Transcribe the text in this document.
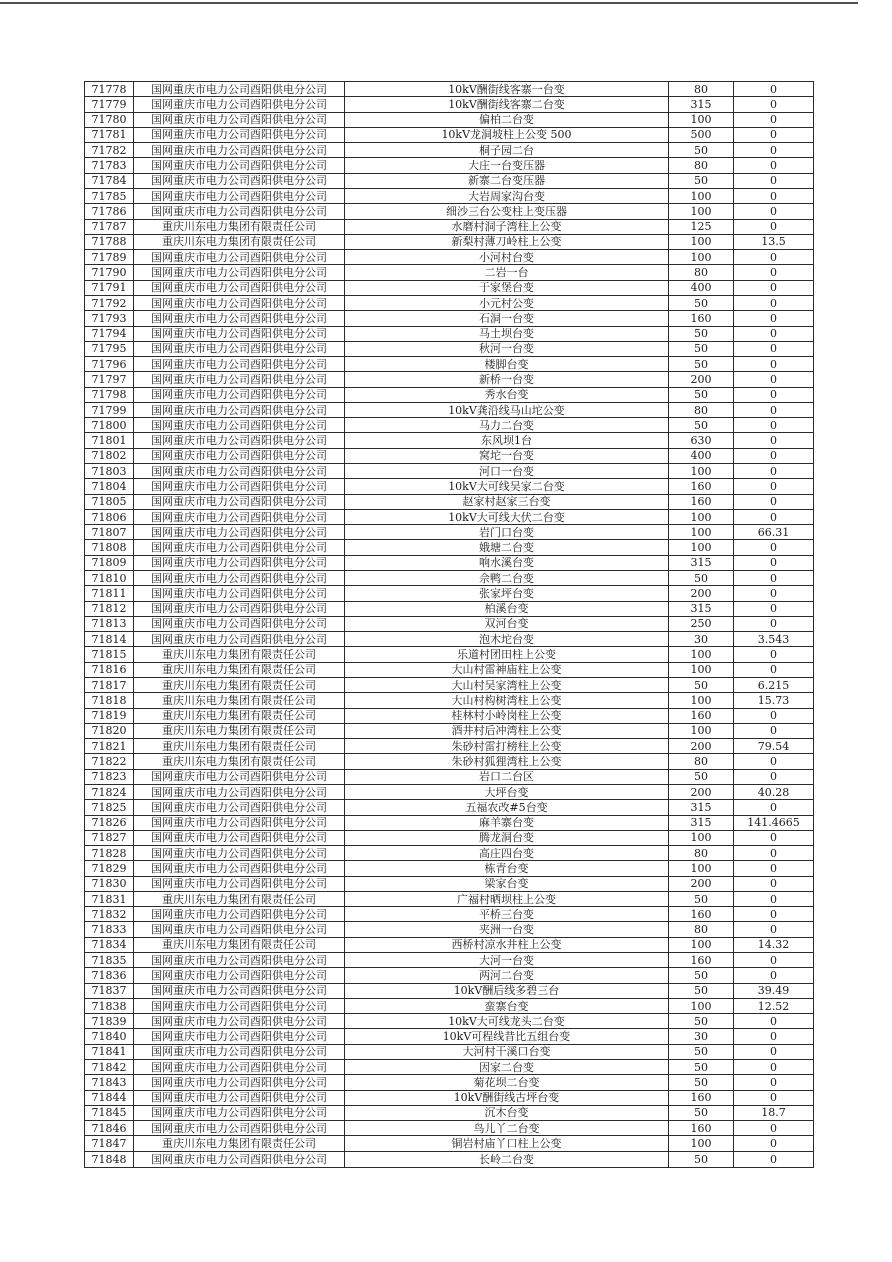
71778	国网重庆市电力公司酉阳供电分公司	10kV酬街线客寨一台变	80	0
71779	国网重庆市电力公司酉阳供电分公司	10kV酬街线客寨二台变	315	0
71780	国网重庆市电力公司酉阳供电分公司	偏柏二台变	100	0
71781	国网重庆市电力公司酉阳供电分公司	10kV龙洞坡柱上公变 500	500	0
71782	国网重庆市电力公司酉阳供电分公司	桐子园二台	50	0
71783	国网重庆市电力公司酉阳供电分公司	大庄一台变压器	80	0
71784	国网重庆市电力公司酉阳供电分公司	新寨二台变压器	50	0
71785	国网重庆市电力公司酉阳供电分公司	大岩周家沟台变	100	0
71786	国网重庆市电力公司酉阳供电分公司	细沙三台公变柱上变压器	100	0
71787	重庆川东电力集团有限责任公司	水磨村洞子湾柱上公变	125	0
71788	重庆川东电力集团有限责任公司	新梨村薄刀岭柱上公变	100	13.5
71789	国网重庆市电力公司酉阳供电分公司	小河村台变	100	0
71790	国网重庆市电力公司酉阳供电分公司	二岩一台	80	0
71791	国网重庆市电力公司酉阳供电分公司	于家堡台变	400	0
71792	国网重庆市电力公司酉阳供电分公司	小元村公变	50	0
71793	国网重庆市电力公司酉阳供电分公司	石洞一台变	160	0
71794	国网重庆市电力公司酉阳供电分公司	马土坝台变	50	0
71795	国网重庆市电力公司酉阳供电分公司	秋河一台变	50	0
71796	国网重庆市电力公司酉阳供电分公司	楼脚台变	50	0
71797	国网重庆市电力公司酉阳供电分公司	新桥一台变	200	0
71798	国网重庆市电力公司酉阳供电分公司	秀水台变	50	0
71799	国网重庆市电力公司酉阳供电分公司	10kV龚沿线马山坨公变	80	0
71800	国网重庆市电力公司酉阳供电分公司	马力二台变	50	0
71801	国网重庆市电力公司酉阳供电分公司	东风坝1台	630	0
71802	国网重庆市电力公司酉阳供电分公司	窝坨一台变	400	0
71803	国网重庆市电力公司酉阳供电分公司	河口一台变	100	0
71804	国网重庆市电力公司酉阳供电分公司	10kV大可线吴家二台变	160	0
71805	国网重庆市电力公司酉阳供电分公司	赵家村赵家三台变	160	0
71806	国网重庆市电力公司酉阳供电分公司	10kV大可线大伏二台变	100	0
71807	国网重庆市电力公司酉阳供电分公司	岩门口台变	100	66.31
71808	国网重庆市电力公司酉阳供电分公司	娥塘二台变	100	0
71809	国网重庆市电力公司酉阳供电分公司	响水溪台变	315	0
71810	国网重庆市电力公司酉阳供电分公司	佘鸭二台变	50	0
71811	国网重庆市电力公司酉阳供电分公司	张家坪台变	200	0
71812	国网重庆市电力公司酉阳供电分公司	柏溪台变	315	0
71813	国网重庆市电力公司酉阳供电分公司	双河台变	250	0
71814	国网重庆市电力公司酉阳供电分公司	泡木坨台变	30	3.543
71815	重庆川东电力集团有限责任公司	乐道村团田柱上公变	100	0
71816	重庆川东电力集团有限责任公司	大山村雷神庙柱上公变	100	0
71817	重庆川东电力集团有限责任公司	大山村吴家湾柱上公变	50	6.215
71818	重庆川东电力集团有限责任公司	大山村构树湾柱上公变	100	15.73
71819	重庆川东电力集团有限责任公司	桂林村小岭岗柱上公变	160	0
71820	重庆川东电力集团有限责任公司	酒井村后冲湾柱上公变	100	0
71821	重庆川东电力集团有限责任公司	朱砂村雷打榜柱上公变	200	79.54
71822	重庆川东电力集团有限责任公司	朱砂村狐狸湾柱上公变	80	0
71823	国网重庆市电力公司酉阳供电分公司	岩口二台区	50	0
71824	国网重庆市电力公司酉阳供电分公司	大坪台变	200	40.28
71825	国网重庆市电力公司酉阳供电分公司	五福农改#5台变	315	0
71826	国网重庆市电力公司酉阳供电分公司	麻羊寨台变	315	141.4665
71827	国网重庆市电力公司酉阳供电分公司	腾龙洞台变	100	0
71828	国网重庆市电力公司酉阳供电分公司	高庄四台变	80	0
71829	国网重庆市电力公司酉阳供电分公司	栋青台变	100	0
71830	国网重庆市电力公司酉阳供电分公司	梁家台变	200	0
71831	重庆川东电力集团有限责任公司	广福村晒坝柱上公变	50	0
71832	国网重庆市电力公司酉阳供电分公司	平桥三台变	160	0
71833	国网重庆市电力公司酉阳供电分公司	夹洲一台变	80	0
71834	重庆川东电力集团有限责任公司	西桥村凉水井柱上公变	100	14.32
71835	国网重庆市电力公司酉阳供电分公司	大河一台变	160	0
71836	国网重庆市电力公司酉阳供电分公司	两河二台变	50	0
71837	国网重庆市电力公司酉阳供电分公司	10kV酬后线多碧三台	50	39.49
71838	国网重庆市电力公司酉阳供电分公司	蛮寨台变	100	12.52
71839	国网重庆市电力公司酉阳供电分公司	10kV大可线龙头二台变	50	0
71840	国网重庆市电力公司酉阳供电分公司	10kV可程线昔比五组台变	30	0
71841	国网重庆市电力公司酉阳供电分公司	大河村干溪口台变	50	0
71842	国网重庆市电力公司酉阳供电分公司	因家二台变	50	0
71843	国网重庆市电力公司酉阳供电分公司	菊花坝二台变	50	0
71844	国网重庆市电力公司酉阳供电分公司	10kV酬街线古坪台变	160	0
71845	国网重庆市电力公司酉阳供电分公司	沉木台变	50	18.7
71846	国网重庆市电力公司酉阳供电分公司	鸟儿丫二台变	160	0
71847	重庆川东电力集团有限责任公司	铜岩村庙丫口柱上公变	100	0
71848	国网重庆市电力公司酉阳供电分公司	长岭二台变	50	0
